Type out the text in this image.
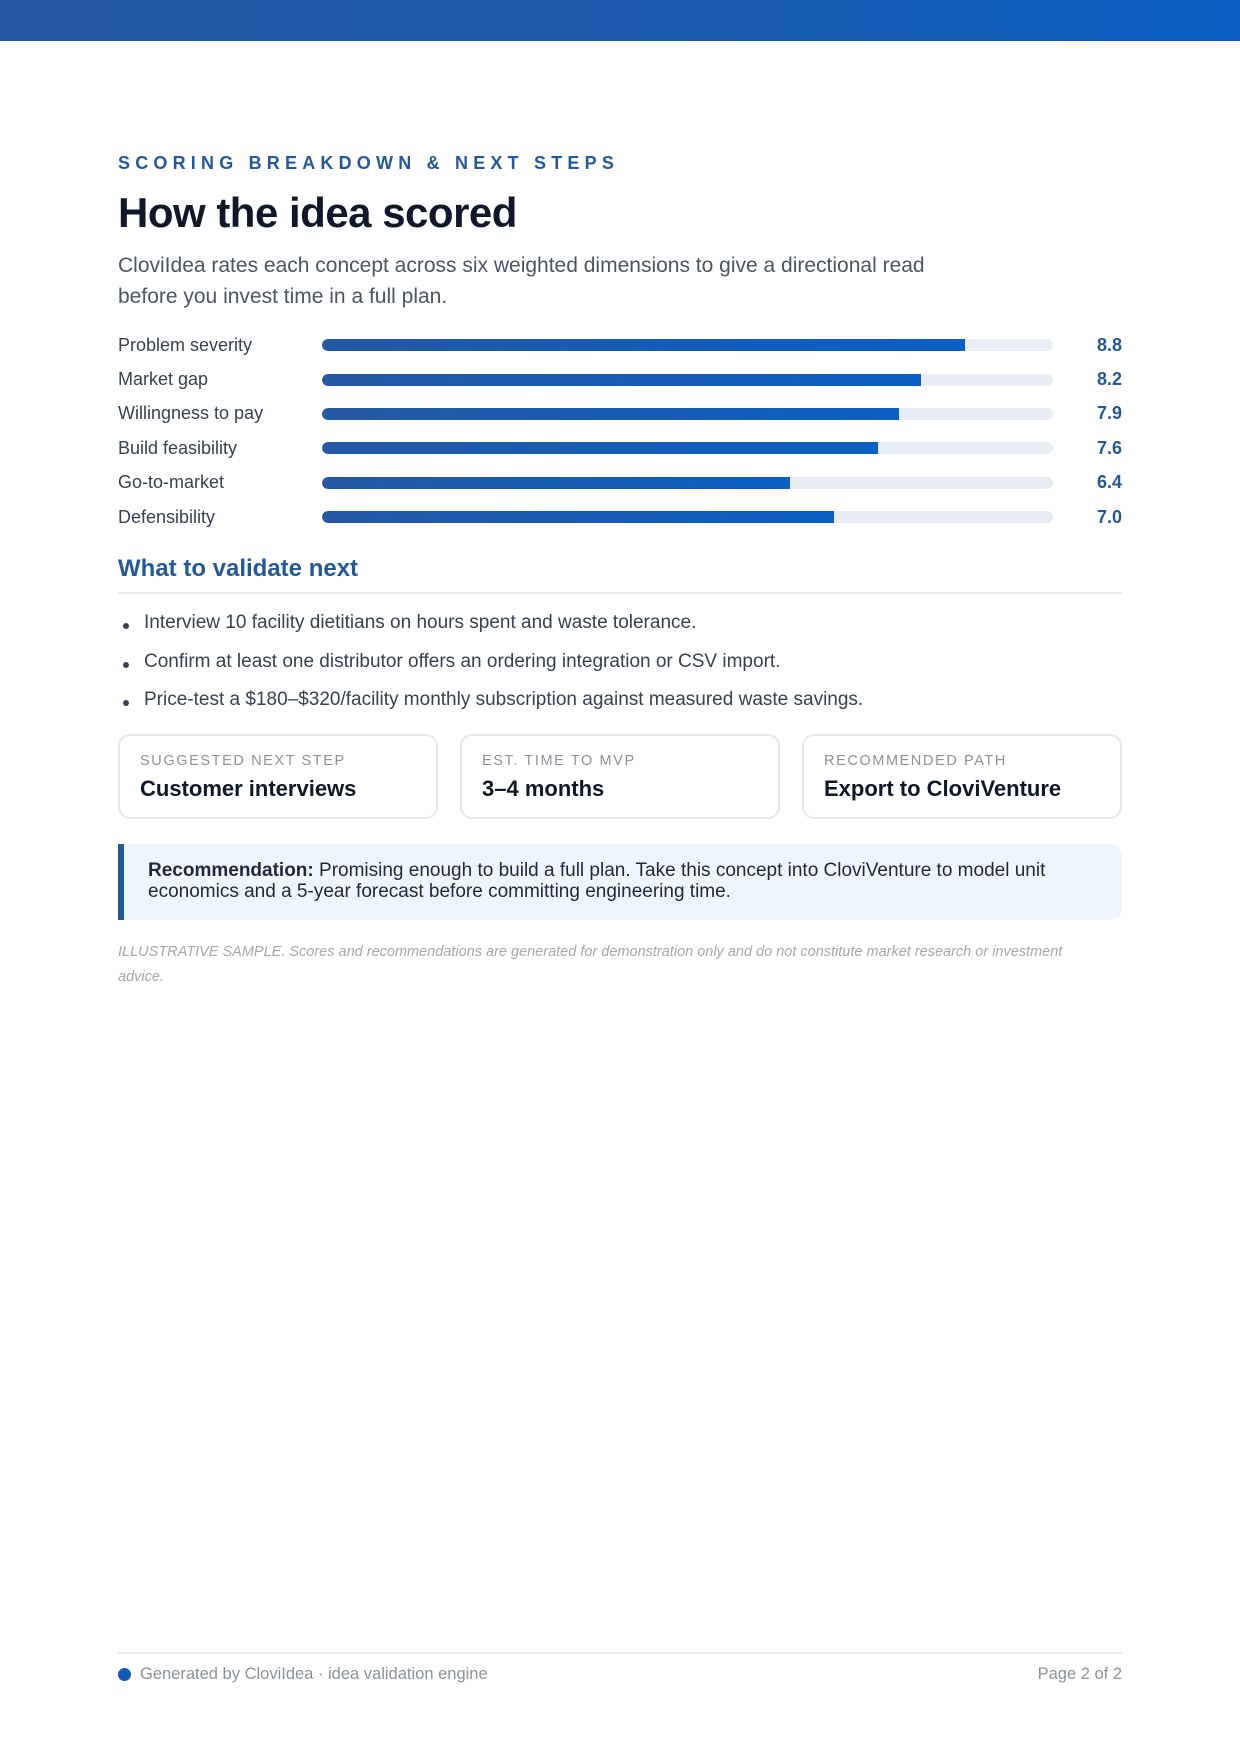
SCORING BREAKDOWN & NEXT STEPS
How the idea scored

CloviIdea rates each concept across six weighted dimensions to give a directional read before you invest time in a full plan.

Problem severity	8.8
Market gap	8.2
Willingness to pay	7.9
Build feasibility	7.6
Go-to-market	6.4
Defensibility	7.0
What to validate next
Interview 10 facility dietitians on hours spent and waste tolerance.
Confirm at least one distributor offers an ordering integration or CSV import.
Price-test a $180–$320/facility monthly subscription against measured waste savings.
SUGGESTED NEXT STEP
Customer interviews
EST. TIME TO MVP
3–4 months
RECOMMENDED PATH
Export to CloviVenture
Recommendation: Promising enough to build a full plan. Take this concept into CloviVenture to model unit economics and a 5-year forecast before committing engineering time.

ILLUSTRATIVE SAMPLE. Scores and recommendations are generated for demonstration only and do not constitute market research or investment advice.

Generated by CloviIdea · idea validation engine	Page 2 of 2
